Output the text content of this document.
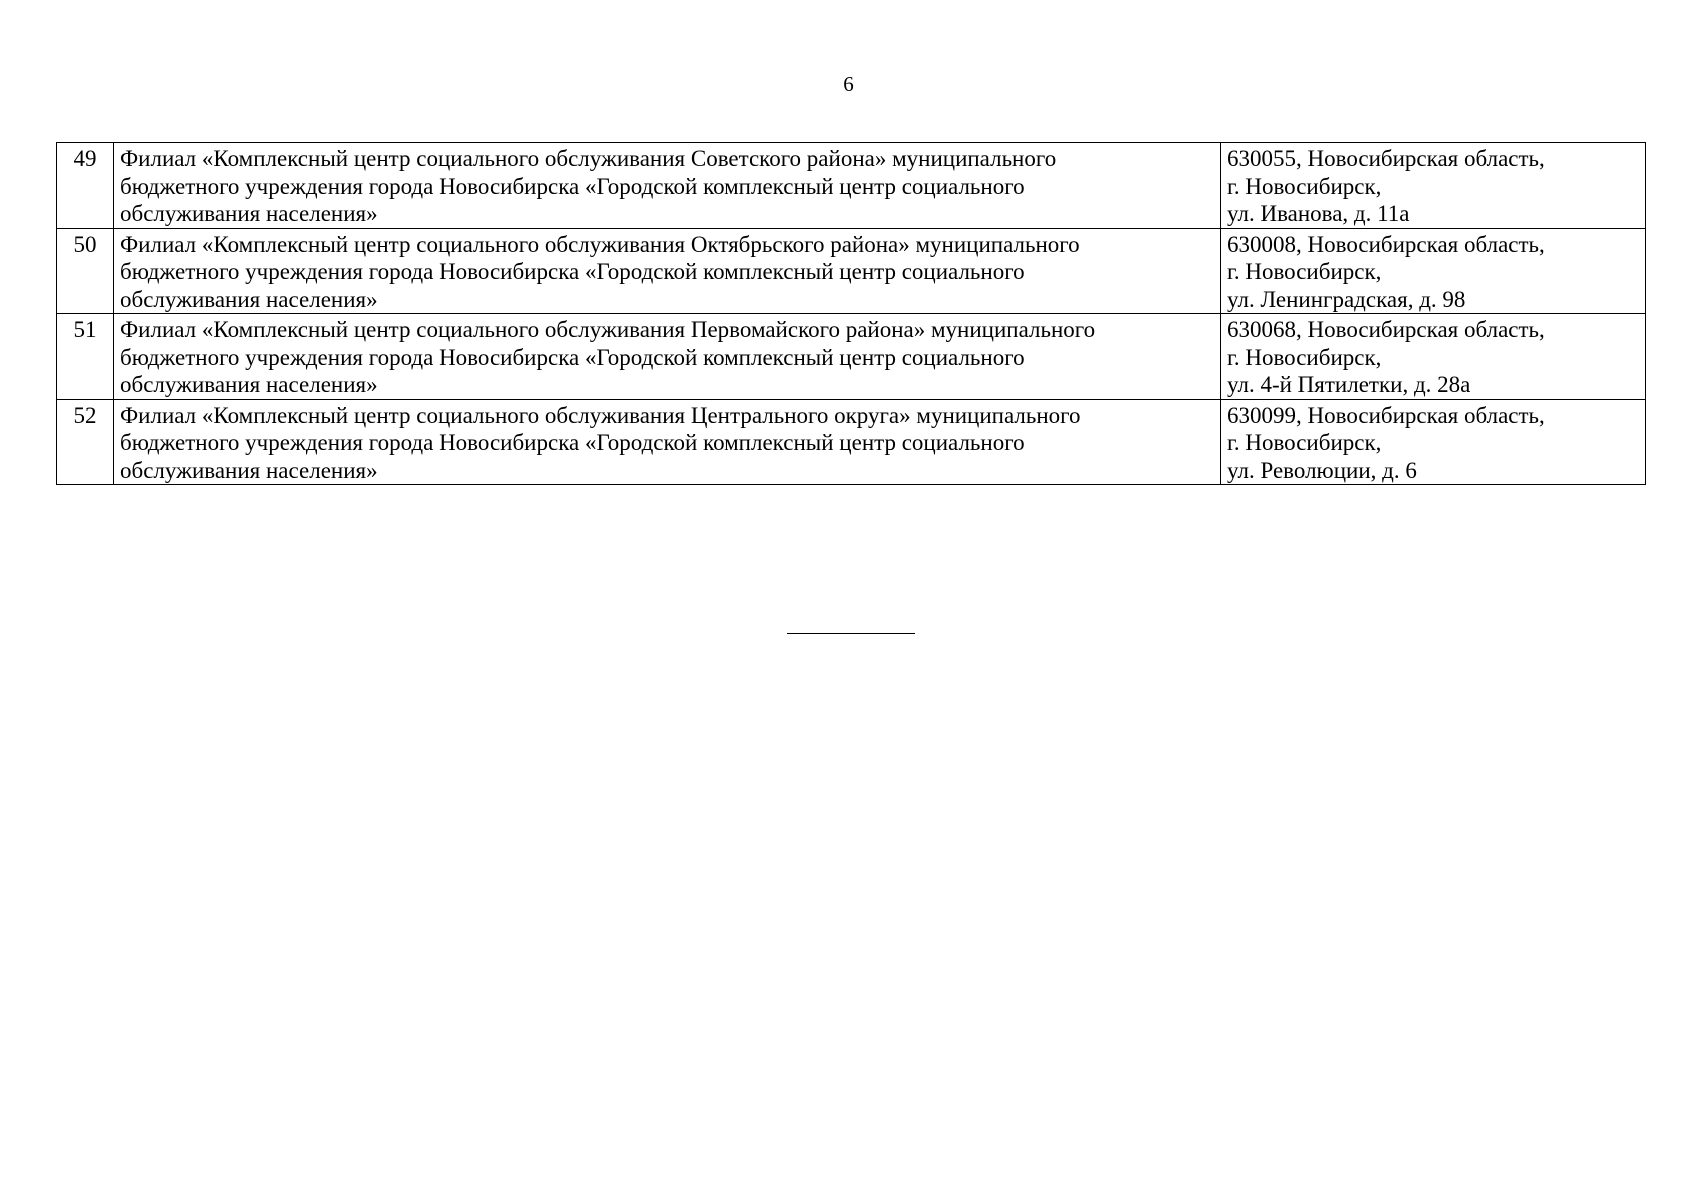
6
49	Филиал «Комплексный центр социального обслуживания Советского района» муниципального
бюджетного учреждения города Новосибирска «Городской комплексный центр социального
обслуживания населения»	630055, Новосибирская область,
г. Новосибирск,
ул. Иванова, д. 11а

50	Филиал «Комплексный центр социального обслуживания Октябрьского района» муниципального
бюджетного учреждения города Новосибирска «Городской комплексный центр социального
обслуживания населения»	630008, Новосибирская область,
г. Новосибирск,
ул. Ленинградская, д. 98

51	Филиал «Комплексный центр социального обслуживания Первомайского района» муниципального
бюджетного учреждения города Новосибирска «Городской комплексный центр социального
обслуживания населения»	630068, Новосибирская область,
г. Новосибирск,
ул. 4-й Пятилетки, д. 28а

52	Филиал «Комплексный центр социального обслуживания Центрального округа» муниципального
бюджетного учреждения города Новосибирска «Городской комплексный центр социального
обслуживания населения»	630099, Новосибирская область,
г. Новосибирск,
ул. Революции, д. 6
